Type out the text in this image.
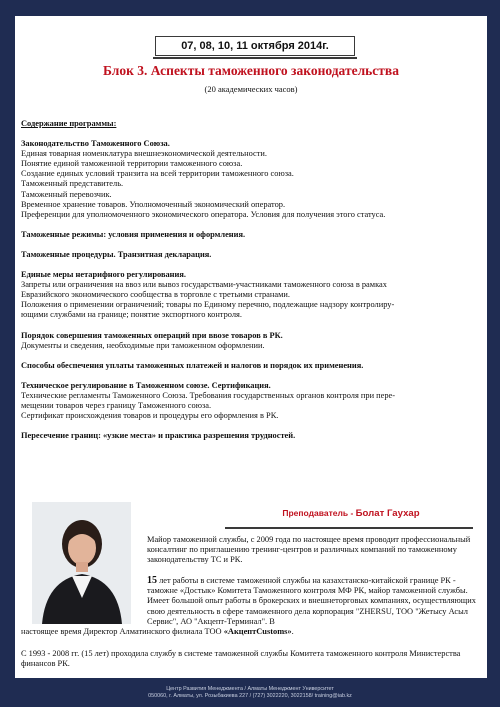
07, 08, 10, 11 октября 2014г.
Блок 3. Аспекты таможенного законодательства
(20 академических часов)

Содержание программы:

Законодательство Таможенного Союза.

Единая товарная номенклатура внешнеэкономической деятельности.

Понятие единой таможенной территории таможенного союза.

Создание единых условий транзита на всей территории таможенного союза.

Таможенный представитель.

Таможенный перевозчик.

Временное хранение товаров. Уполномоченный экономический оператор.

Преференции для уполномоченного экономического оператора. Условия для получения этого статуса.

Таможенные режимы: условия применения и оформления.

Таможенные процедуры. Транзитная декларация.

Единые меры нетарифного регулирования.

Запреты или ограничения на ввоз или вывоз государствами-участниками таможенного союза в рамках

Евразийского экономического сообщества в торговле с третьими странами.

Положения о применении ограничений; товары по Единому перечню, подлежащие надзору контролиру-

ющими службами на границе; понятие экспортного контроля.

Порядок совершения таможенных операций при ввозе товаров в РК.

Документы и сведения, необходимые при таможенном оформлении.

Способы обеспечения уплаты таможенных платежей и налогов и порядок их применения.

Техническое регулирование в Таможенном союзе. Сертификация.

Технические регламенты Таможенного Союза. Требования государственных органов контроля при пере-

мещении товаров через границу Таможенного союза.

Сертификат происхождения товаров и процедуры его оформления в РК.

Пересечение границ: «узкие места» и практика разрешения трудностей.

Преподаватель - Болат Гаухар
Майор таможенной службы, с 2009 года по настоящее время проводит профессиональный консалтинг по приглашению тренинг-центров и различных компаний по таможенному законодательству ТС и РК.
15 лет работы в системе таможенной службы на казахстанско-китайской границе РК - таможне «Достык» Комитета Таможенного контроля МФ РК, майор таможенной службы. Имеет большой опыт работы в брокерских и внешнеторговых компаниях, осуществляющих свою деятельность в сфере таможенного дела корпорация "ZHERSU, ТОО "Жетысу Асыл Сервис", АО "Акцепт-Терминал". В
настоящее время Директор Алматинского филиала ТОО «АкцептCustoms».
С 1993 - 2008 гг. (15 лет) проходила службу в системе таможенной службы Комитета таможенного контроля Министерства финансов РК.
Центр Развития Менеджмента / Алматы Менеджмент Университет
050060, г. Алматы, ул. Розыбакиева 227 / (727) 3022220, 3022158/ training@iab.kz
